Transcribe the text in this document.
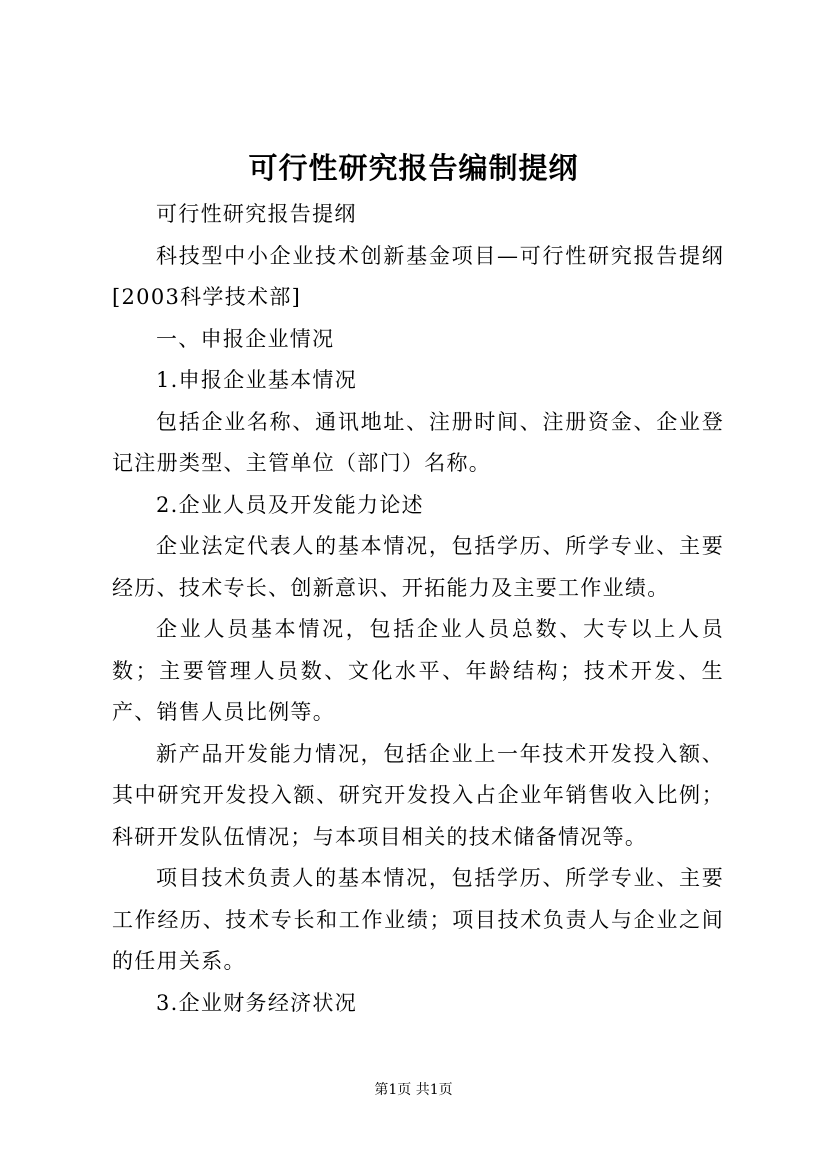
可行性研究报告编制提纲

可行性研究报告提纲

科技型中小企业技术创新基金项目—可行性研究报告提纲[2003科学技术部]

一、申报企业情况

1.申报企业基本情况

包括企业名称、通讯地址、注册时间、注册资金、企业登记注册类型、主管单位（部门）名称。

2.企业人员及开发能力论述

企业法定代表人的基本情况，包括学历、所学专业、主要经历、技术专长、创新意识、开拓能力及主要工作业绩。

企业人员基本情况，包括企业人员总数、大专以上人员数；主要管理人员数、文化水平、年龄结构；技术开发、生产、销售人员比例等。

新产品开发能力情况，包括企业上一年技术开发投入额、其中研究开发投入额、研究开发投入占企业年销售收入比例；科研开发队伍情况；与本项目相关的技术储备情况等。

项目技术负责人的基本情况，包括学历、所学专业、主要工作经历、技术专长和工作业绩；项目技术负责人与企业之间的任用关系。

3.企业财务经济状况

第1页 共1页
